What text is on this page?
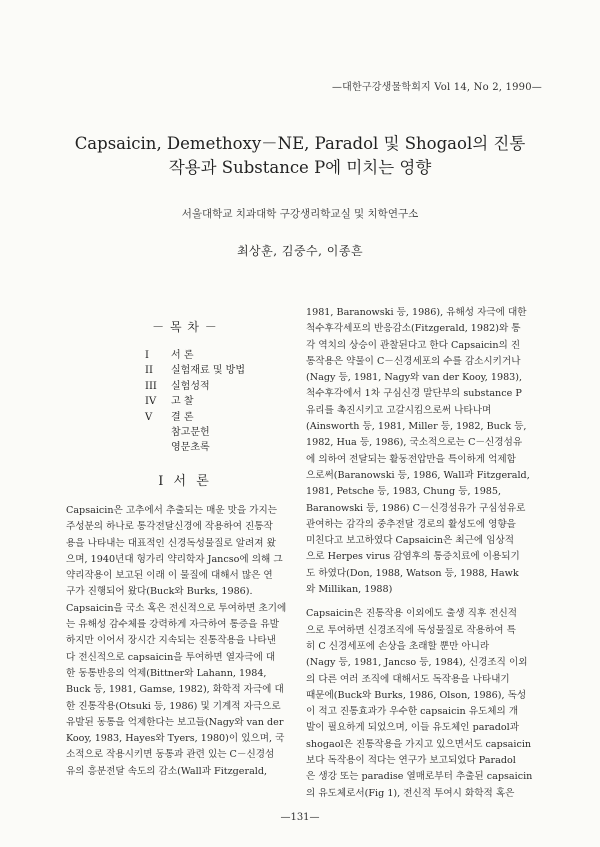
—대한구강생물학회지 Vol 14, No 2, 1990—
Capsaicin, Demethoxy－NE, Paradol 및 Shogaol의 진통
작용과 Substance P에 미치는 영향
서울대학교 치과대학 구강생리학교실 및 치학연구소
최상훈, 김중수, 이종흔
－ 목 차 －
I	서 론
II	실험재료 및 방법
III	실험성적
IV	고 찰
V	결 론
참고문헌
영문초록
I 서 론
Capsaicin은 고추에서 추출되는 매운 맛을 가지는
주성분의 하나로 통각전달신경에 작용하여 진통작
용을 나타내는 대표적인 신경독성물질로 알려져 왔
으며, 1940년대 헝가리 약리학자 Jancso에 의해 그
약리작용이 보고된 이래 이 물질에 대해서 많은 연
구가 진행되어 왔다(Buck와 Burks, 1986).
Capsaicin을 국소 혹은 전신적으로 투여하면 초기에
는 유해성 감수체를 강력하게 자극하여 통증을 유발
하지만 이어서 장시간 지속되는 진통작용을 나타낸
다 전신적으로 capsaicin을 투여하면 열자극에 대
한 동통반응의 억제(Bittner와 Lahann, 1984,
Buck 등, 1981, Gamse, 1982), 화학적 자극에 대
한 진통작용(Otsuki 등, 1986) 및 기계적 자극으로
유발된 동통을 억제한다는 보고들(Nagy와 van der
Kooy, 1983, Hayes와 Tyers, 1980)이 있으며, 국
소적으로 작용시키면 동통과 관련 있는 C－신경섬
유의 흥분전달 속도의 감소(Wall과 Fitzgerald,
1981, Baranowski 등, 1986), 유해성 자극에 대한
척수후각세포의 반응감소(Fitzgerald, 1982)와 통
각 역치의 상승이 관찰된다고 한다 Capsaicin의 진
통작용은 약물이 C－신경세포의 수를 감소시키거나
(Nagy 등, 1981, Nagy와 van der Kooy, 1983),
척수후각에서 1차 구심신경 말단부의 substance P
유리를 촉진시키고 고갈시킴으로써 나타나며
(Ainsworth 등, 1981, Miller 등, 1982, Buck 등,
1982, Hua 등, 1986), 국소적으로는 C－신경섬유
에 의하여 전달되는 활동전압만을 특이하게 억제함
으로써(Baranowski 등, 1986, Wall과 Fitzgerald,
1981, Petsche 등, 1983, Chung 등, 1985,
Baranowski 등, 1986) C－신경섬유가 구심섬유로
관여하는 감각의 중추전달 경로의 활성도에 영향을
미친다고 보고하였다 Capsaicin은 최근에 임상적
으로 Herpes virus 감염후의 통증치료에 이용되기
도 하였다(Don, 1988, Watson 등, 1988, Hawk
와 Millikan, 1988)
Capsaicin은 진통작용 이외에도 출생 직후 전신적
으로 투여하면 신경조직에 독성물질로 작용하여 특
히 C 신경세포에 손상을 초래할 뿐만 아니라
(Nagy 등, 1981, Jancso 등, 1984), 신경조직 이외
의 다른 여러 조직에 대해서도 독작용을 나타내기
때문에(Buck와 Burks, 1986, Olson, 1986), 독성
이 적고 진통효과가 우수한 capsaicin 유도체의 개
발이 필요하게 되었으며, 이들 유도체인 paradol과
shogaol은 진통작용을 가지고 있으면서도 capsaicin
보다 독작용이 적다는 연구가 보고되었다 Paradol
은 생강 또는 paradise 열매로부터 추출된 capsaicin
의 유도체로서(Fig 1), 전신적 투여시 화학적 혹은
—131—
